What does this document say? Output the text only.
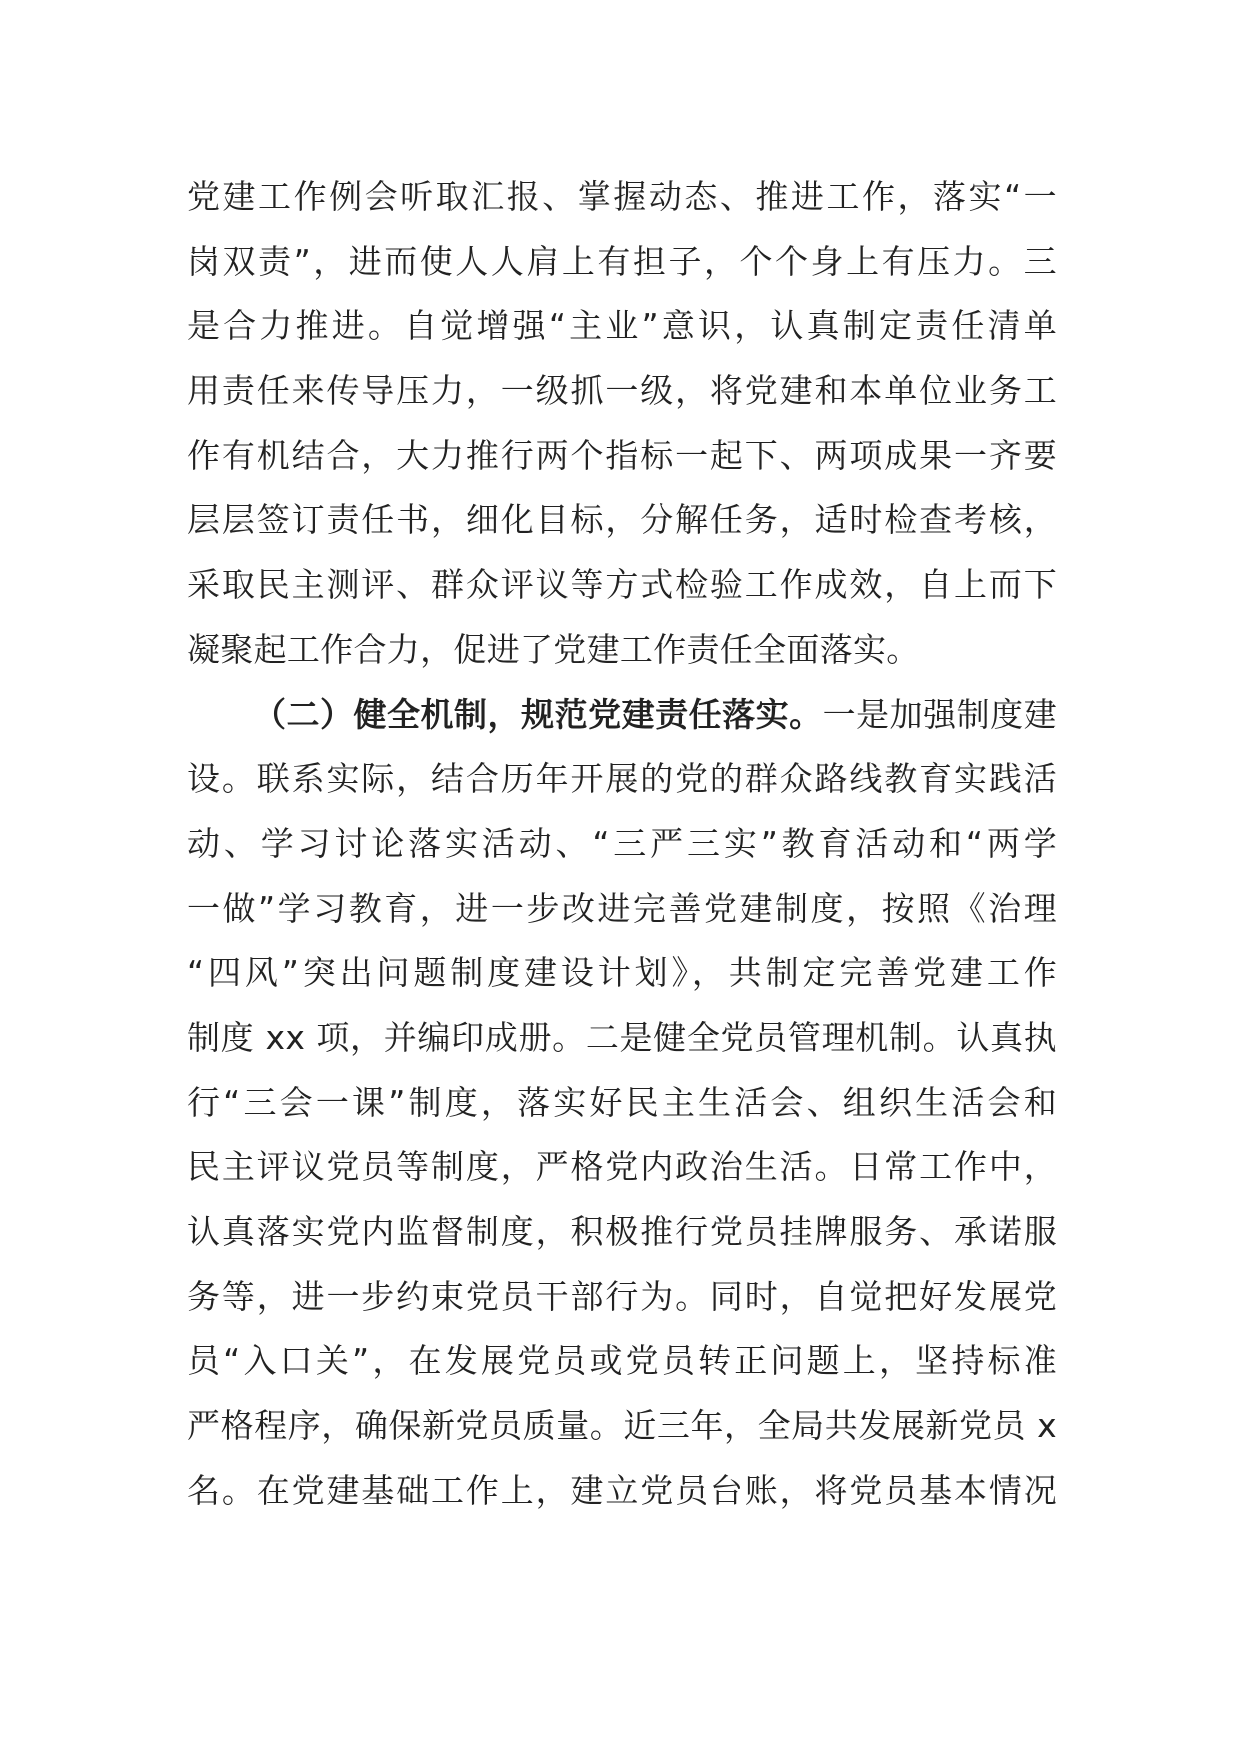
党建工作例会听取汇报、掌握动态、推进工作，落实“一
岗双责”，进而使人人肩上有担子，个个身上有压力。三
是合力推进。自觉增强“主业”意识，认真制定责任清单
用责任来传导压力，一级抓一级，将党建和本单位业务工
作有机结合，大力推行两个指标一起下、两项成果一齐要
层层签订责任书，细化目标，分解任务，适时检查考核，
采取民主测评、群众评议等方式检验工作成效，自上而下
凝聚起工作合力，促进了党建工作责任全面落实。
（二）健全机制，规范党建责任落实。一是加强制度建
设。联系实际，结合历年开展的党的群众路线教育实践活
动、学习讨论落实活动、“三严三实”教育活动和“两学
一做”学习教育，进一步改进完善党建制度，按照《治理
“四风”突出问题制度建设计划》，共制定完善党建工作
制度 xx 项，并编印成册。二是健全党员管理机制。认真执
行“三会一课”制度，落实好民主生活会、组织生活会和
民主评议党员等制度，严格党内政治生活。日常工作中，
认真落实党内监督制度，积极推行党员挂牌服务、承诺服
务等，进一步约束党员干部行为。同时，自觉把好发展党
员“入口关”，在发展党员或党员转正问题上，坚持标准
严格程序，确保新党员质量。近三年，全局共发展新党员 x
名。在党建基础工作上，建立党员台账，将党员基本情况
